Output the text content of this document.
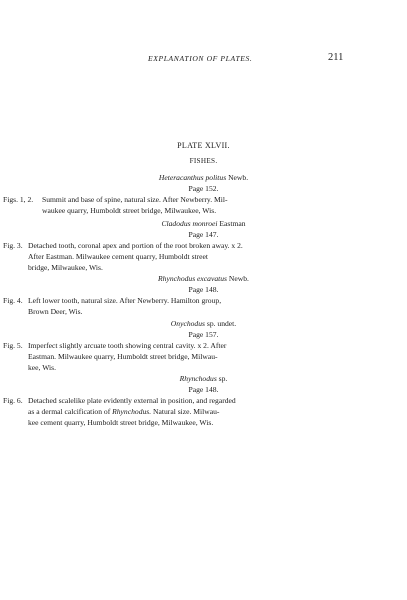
EXPLANATION OF PLATES.	211
PLATE XLVII.
FISHES.
Heteracanthus politus Newb.
Page 152.
Figs. 1, 2.	Summit and base of spine, natural size. After Newberry. Mil-
waukee quarry, Humboldt street bridge, Milwaukee, Wis.
Cladodus monroei Eastman
Page 147.
Fig. 3. Detached tooth, coronal apex and portion of the root broken away. x 2.
After Eastman. Milwaukee cement quarry, Humboldt street
bridge, Milwaukee, Wis.
Rhynchodus excavatus Newb.
Page 148.
Fig. 4. Left lower tooth, natural size. After Newberry. Hamilton group,
Brown Deer, Wis.
Onychodus sp. undet.
Page 157.
Fig. 5. Imperfect slightly arcuate tooth showing central cavity. x 2. After
Eastman. Milwaukee quarry, Humboldt street bridge, Milwau-
kee, Wis.
Rhynchodus sp.
Page 148.
Fig. 6. Detached scalelike plate evidently external in position, and regarded
as a dermal calcification of Rhynchodus. Natural size. Milwau-
kee cement quarry, Humboldt street bridge, Milwaukee, Wis.
